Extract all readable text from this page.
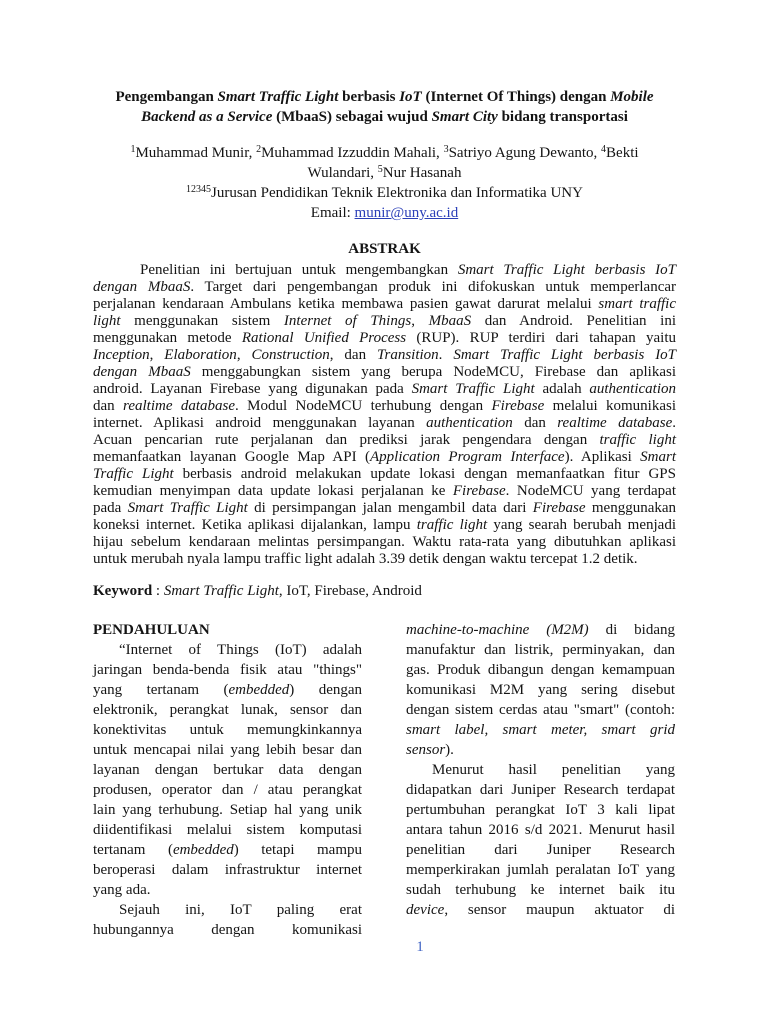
Pengembangan Smart Traffic Light berbasis IoT (Internet Of Things) dengan Mobile
Backend as a Service (MbaaS) sebagai wujud Smart City bidang transportasi
$^1$Muhammad Munir, $^2$Muhammad Izzuddin Mahali, $^3$Satriyo Agung Dewanto, $^4$Bekti
Wulandari, $^5$Nur Hasanah
$^{12345}$Jurusan Pendidikan Teknik Elektronika dan Informatika UNY
Email: munir@uny.ac.id
ABSTRAK
Penelitian ini bertujuan untuk mengembangkan Smart Traffic Light berbasis IoT
dengan MbaaS. Target dari pengembangan produk ini difokuskan untuk memperlancar
perjalanan kendaraan Ambulans ketika membawa pasien gawat darurat melalui smart traffic
light menggunakan sistem Internet of Things, MbaaS dan Android. Penelitian ini
menggunakan metode Rational Unified Process (RUP). RUP terdiri dari tahapan yaitu
Inception, Elaboration, Construction, dan Transition. Smart Traffic Light berbasis IoT
dengan MbaaS menggabungkan sistem yang berupa NodeMCU, Firebase dan aplikasi
android. Layanan Firebase yang digunakan pada Smart Traffic Light adalah authentication
dan realtime database. Modul NodeMCU terhubung dengan Firebase melalui komunikasi
internet. Aplikasi android menggunakan layanan authentication dan realtime database.
Acuan pencarian rute perjalanan dan prediksi jarak pengendara dengan traffic light
memanfaatkan layanan Google Map API (Application Program Interface). Aplikasi Smart
Traffic Light berbasis android melakukan update lokasi dengan memanfaatkan fitur GPS
kemudian menyimpan data update lokasi perjalanan ke Firebase. NodeMCU yang terdapat
pada Smart Traffic Light di persimpangan jalan mengambil data dari Firebase menggunakan
koneksi internet. Ketika aplikasi dijalankan, lampu traffic light yang searah berubah menjadi
hijau sebelum kendaraan melintas persimpangan. Waktu rata-rata yang dibutuhkan aplikasi
untuk merubah nyala lampu traffic light adalah 3.39 detik dengan waktu tercepat 1.2 detik.
Keyword : Smart Traffic Light, IoT, Firebase, Android
PENDAHULUAN
“Internet of Things (IoT) adalah
jaringan benda-benda fisik atau "things"
yang tertanam (embedded) dengan
elektronik, perangkat lunak, sensor dan
konektivitas untuk memungkinkannya
untuk mencapai nilai yang lebih besar dan
layanan dengan bertukar data dengan
produsen, operator dan / atau perangkat
lain yang terhubung. Setiap hal yang unik
diidentifikasi melalui sistem komputasi
tertanam (embedded) tetapi mampu
beroperasi dalam infrastruktur internet
yang ada.
Sejauh ini, IoT paling erat
hubungannya dengan komunikasi
machine-to-machine (M2M) di bidang
manufaktur dan listrik, perminyakan, dan
gas. Produk dibangun dengan kemampuan
komunikasi M2M yang sering disebut
dengan sistem cerdas atau "smart" (contoh:
smart label, smart meter, smart grid
sensor).
Menurut hasil penelitian yang
didapatkan dari Juniper Research terdapat
pertumbuhan perangkat IoT 3 kali lipat
antara tahun 2016 s/d 2021. Menurut hasil
penelitian dari Juniper Research
memperkirakan jumlah peralatan IoT yang
sudah terhubung ke internet baik itu
device, sensor maupun aktuator di
1
